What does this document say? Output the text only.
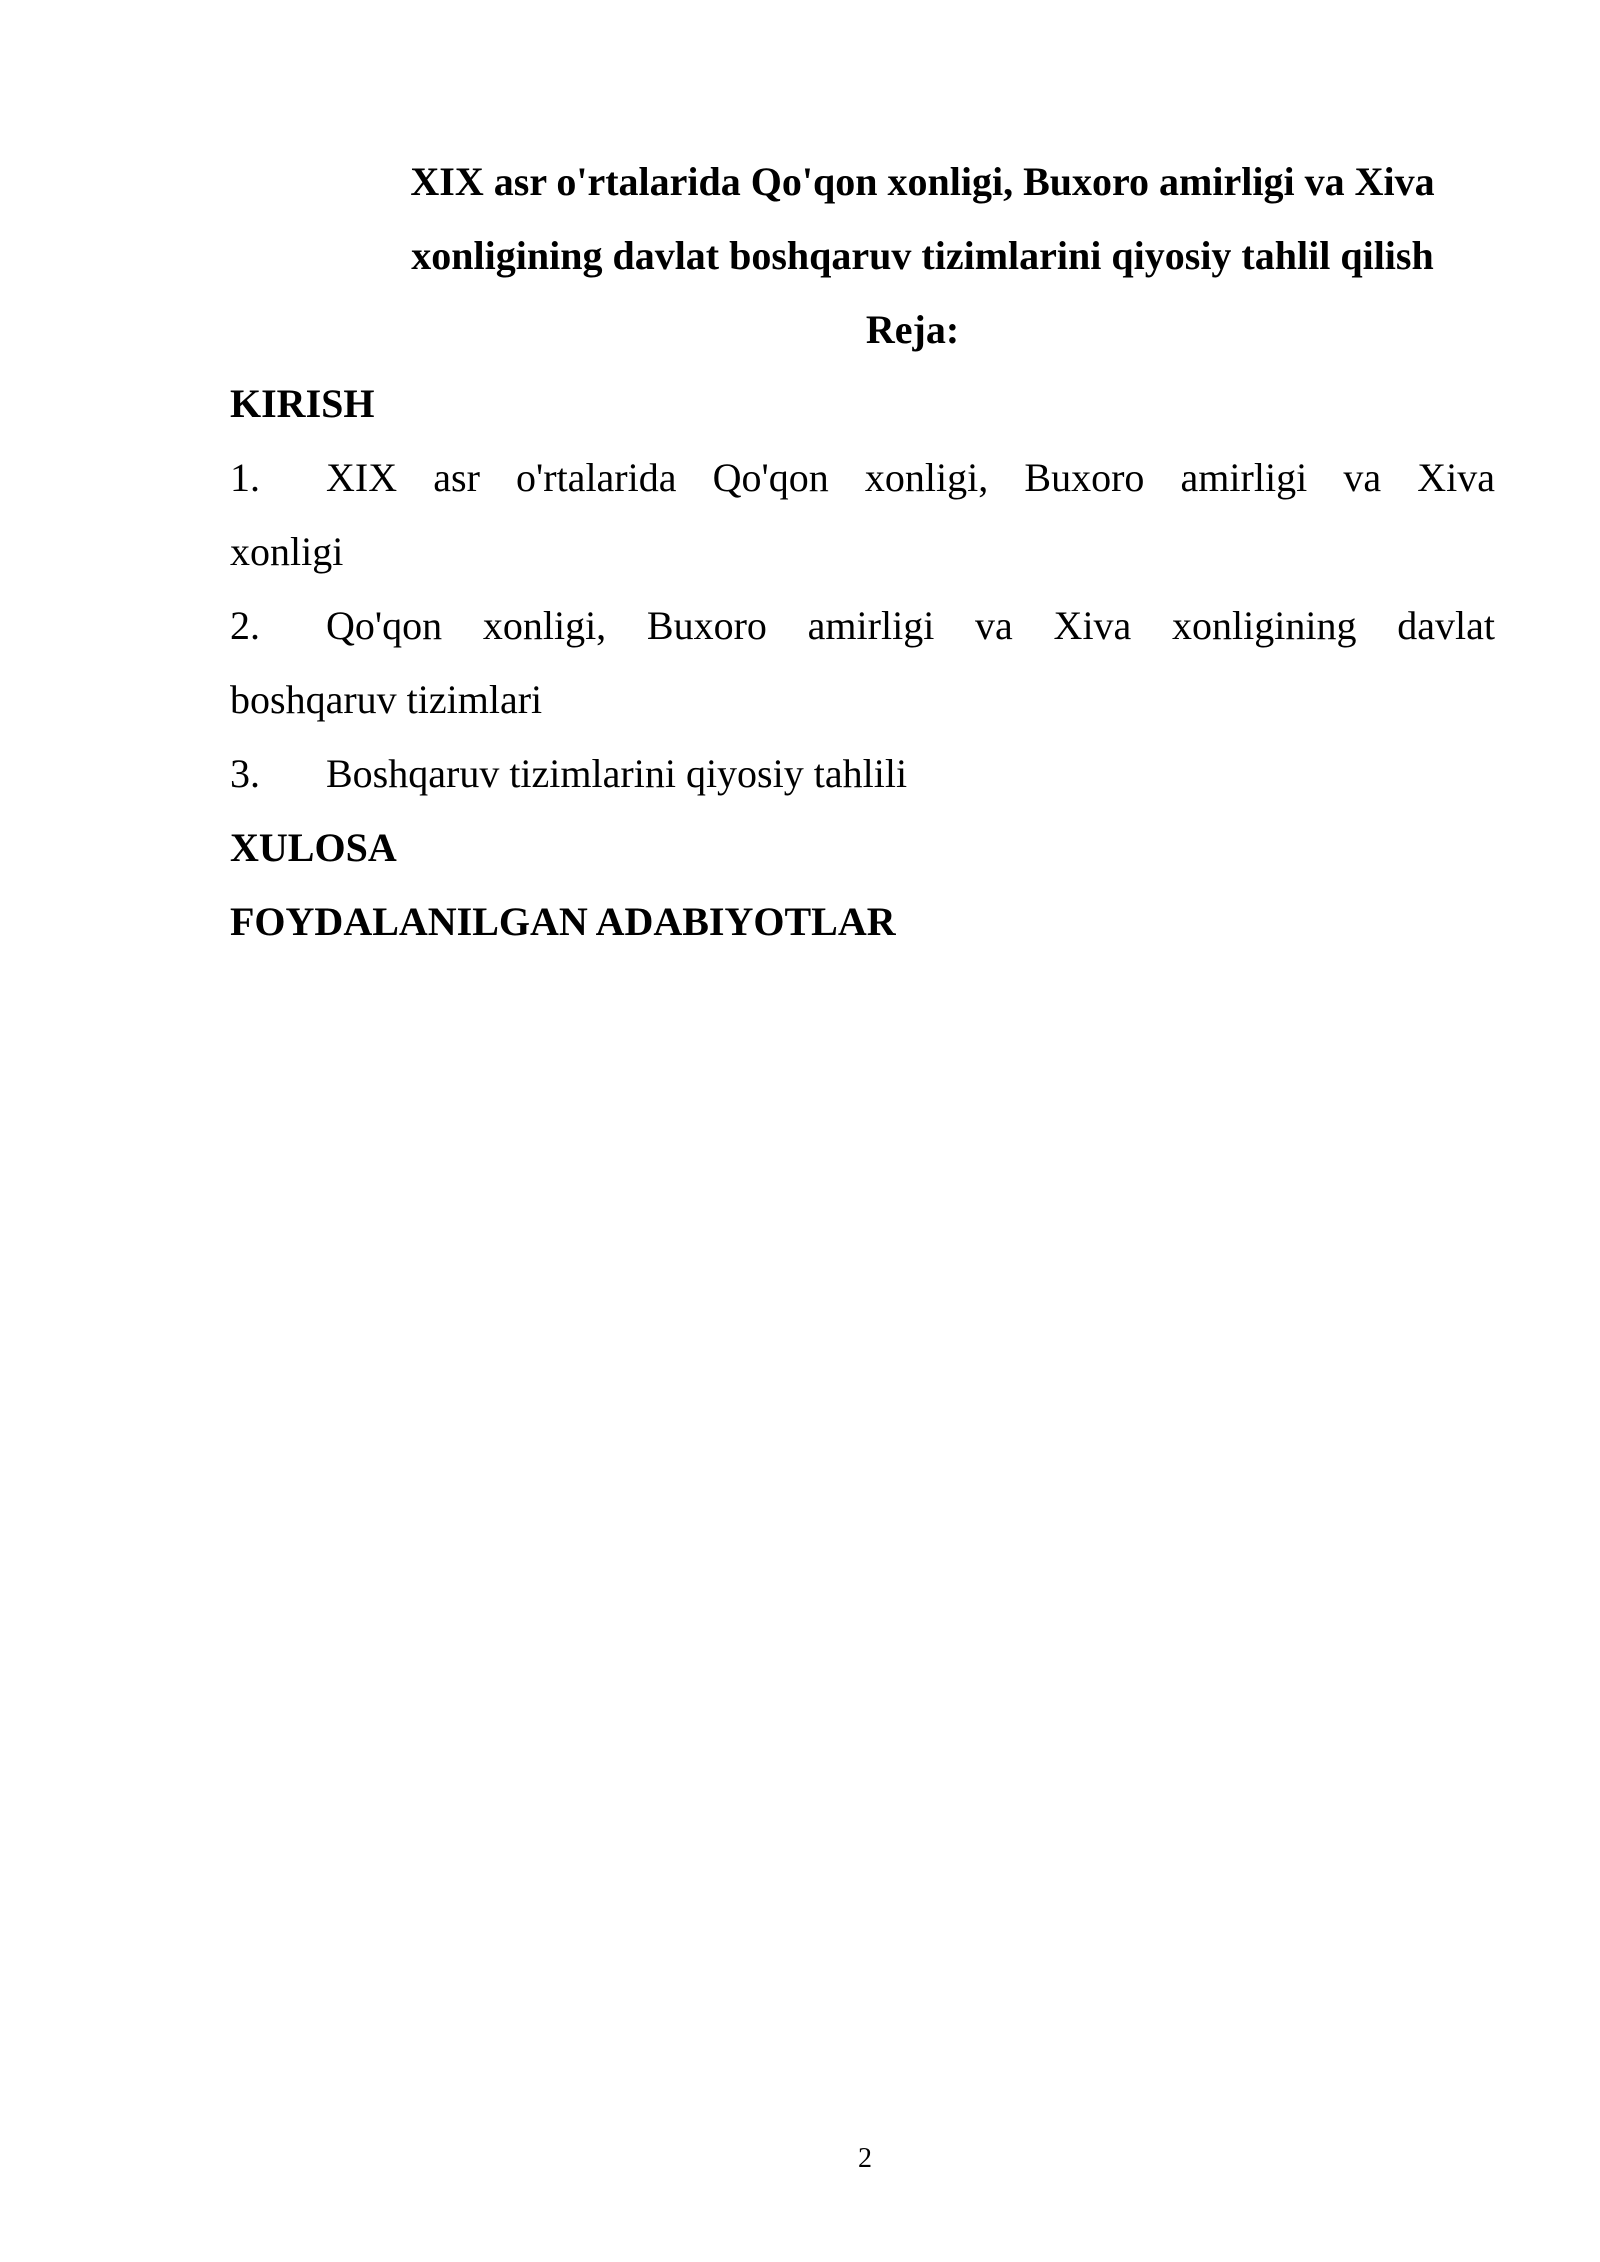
XIX asr o'rtalarida Qo'qon xonligi, Buxoro amirligi va Xiva
xonligining davlat boshqaruv tizimlarini qiyosiy tahlil qilish

Reja:

KIRISH

1. XIX asr o'rtalarida Qo'qon xonligi, Buxoro amirligi va Xiva
xonligi
2. Qo'qon xonligi, Buxoro amirligi va Xiva xonligining davlat
boshqaruv tizimlari
3. Boshqaruv tizimlarini qiyosiy tahlili

XULOSA

FOYDALANILGAN ADABIYOTLAR

2
